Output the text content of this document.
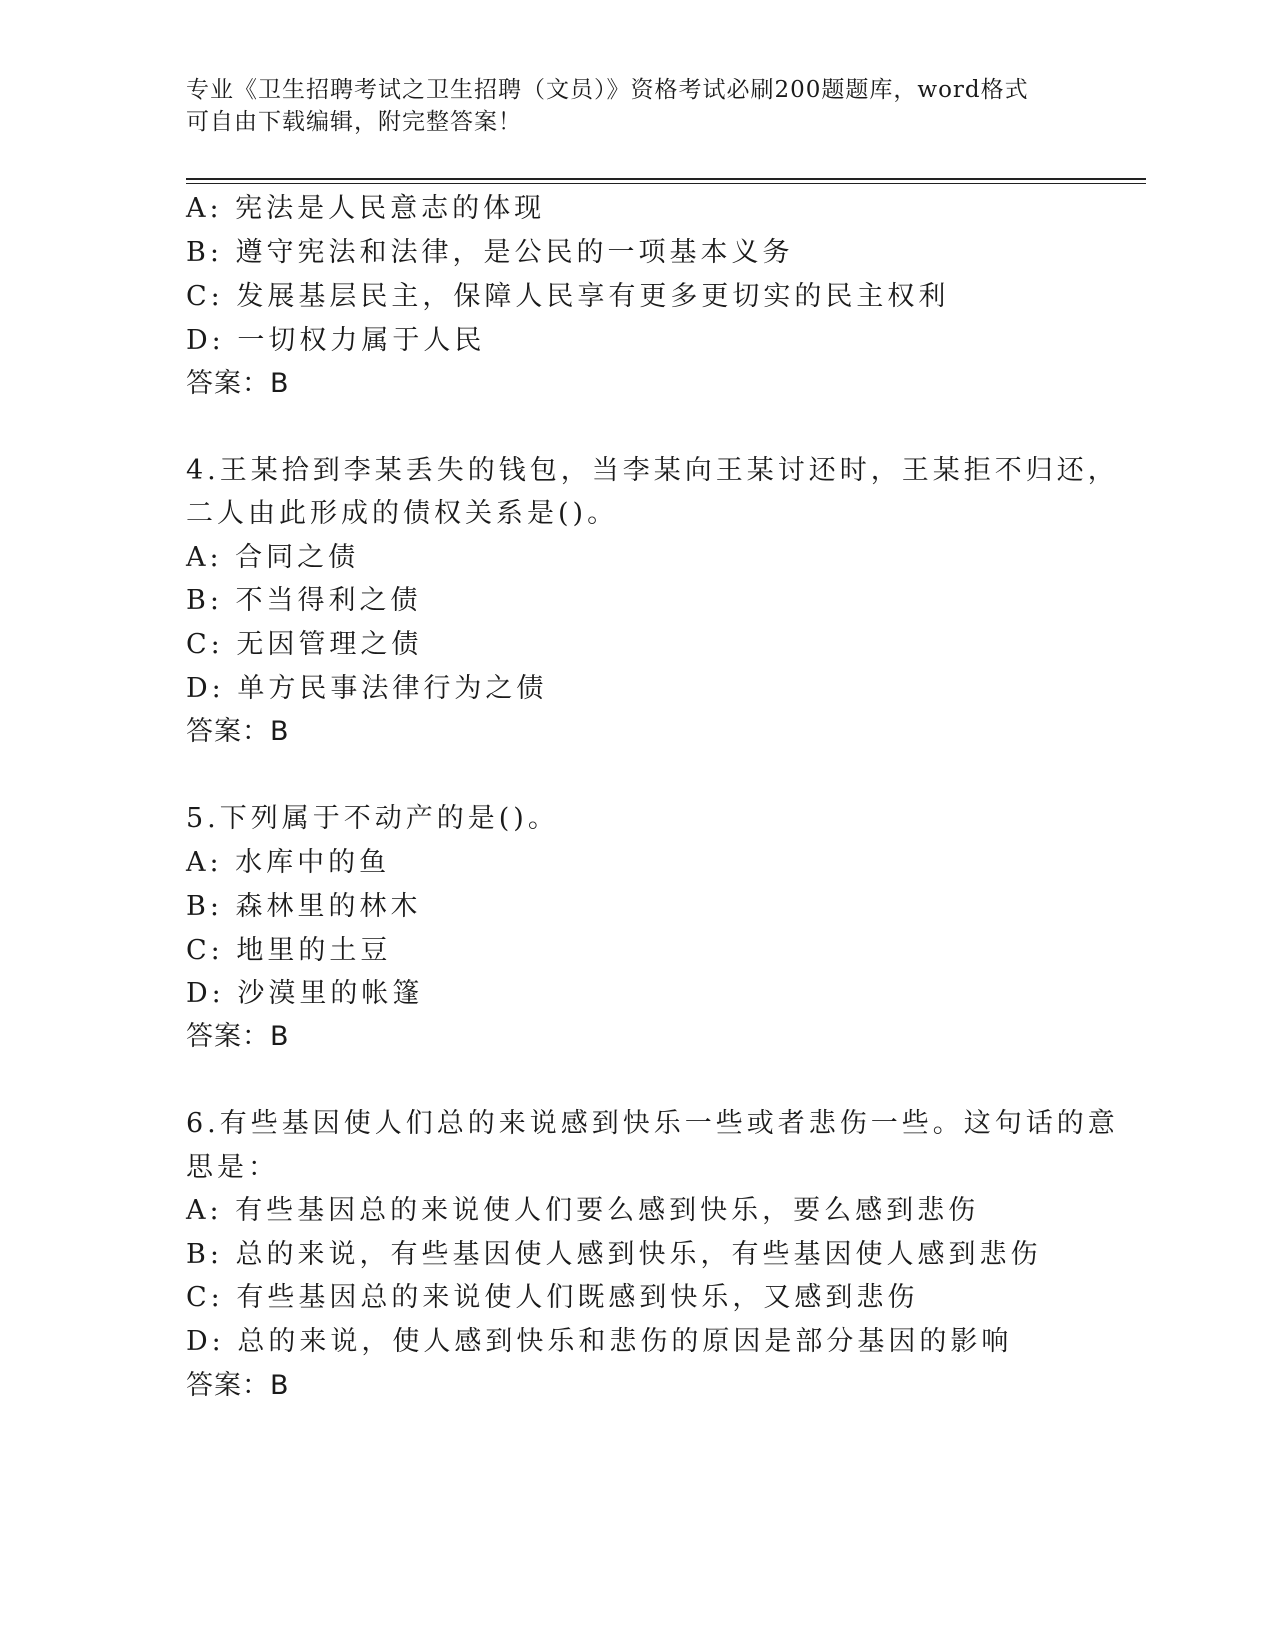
专业《卫生招聘考试之卫生招聘（文员）》资格考试必刷200题题库，word格式
可自由下载编辑，附完整答案！
A: 宪法是人民意志的体现
B: 遵守宪法和法律，是公民的一项基本义务
C: 发展基层民主，保障人民享有更多更切实的民主权利
D: 一切权力属于人民
答案：B
4.王某拾到李某丢失的钱包，当李某向王某讨还时，王某拒不归还，
二人由此形成的债权关系是()。
A: 合同之债
B: 不当得利之债
C: 无因管理之债
D: 单方民事法律行为之债
答案：B
5.下列属于不动产的是()。
A: 水库中的鱼
B: 森林里的林木
C: 地里的土豆
D: 沙漠里的帐篷
答案：B
6.有些基因使人们总的来说感到快乐一些或者悲伤一些。这句话的意
思是：
A: 有些基因总的来说使人们要么感到快乐，要么感到悲伤
B: 总的来说，有些基因使人感到快乐，有些基因使人感到悲伤
C: 有些基因总的来说使人们既感到快乐，又感到悲伤
D: 总的来说，使人感到快乐和悲伤的原因是部分基因的影响
答案：B
